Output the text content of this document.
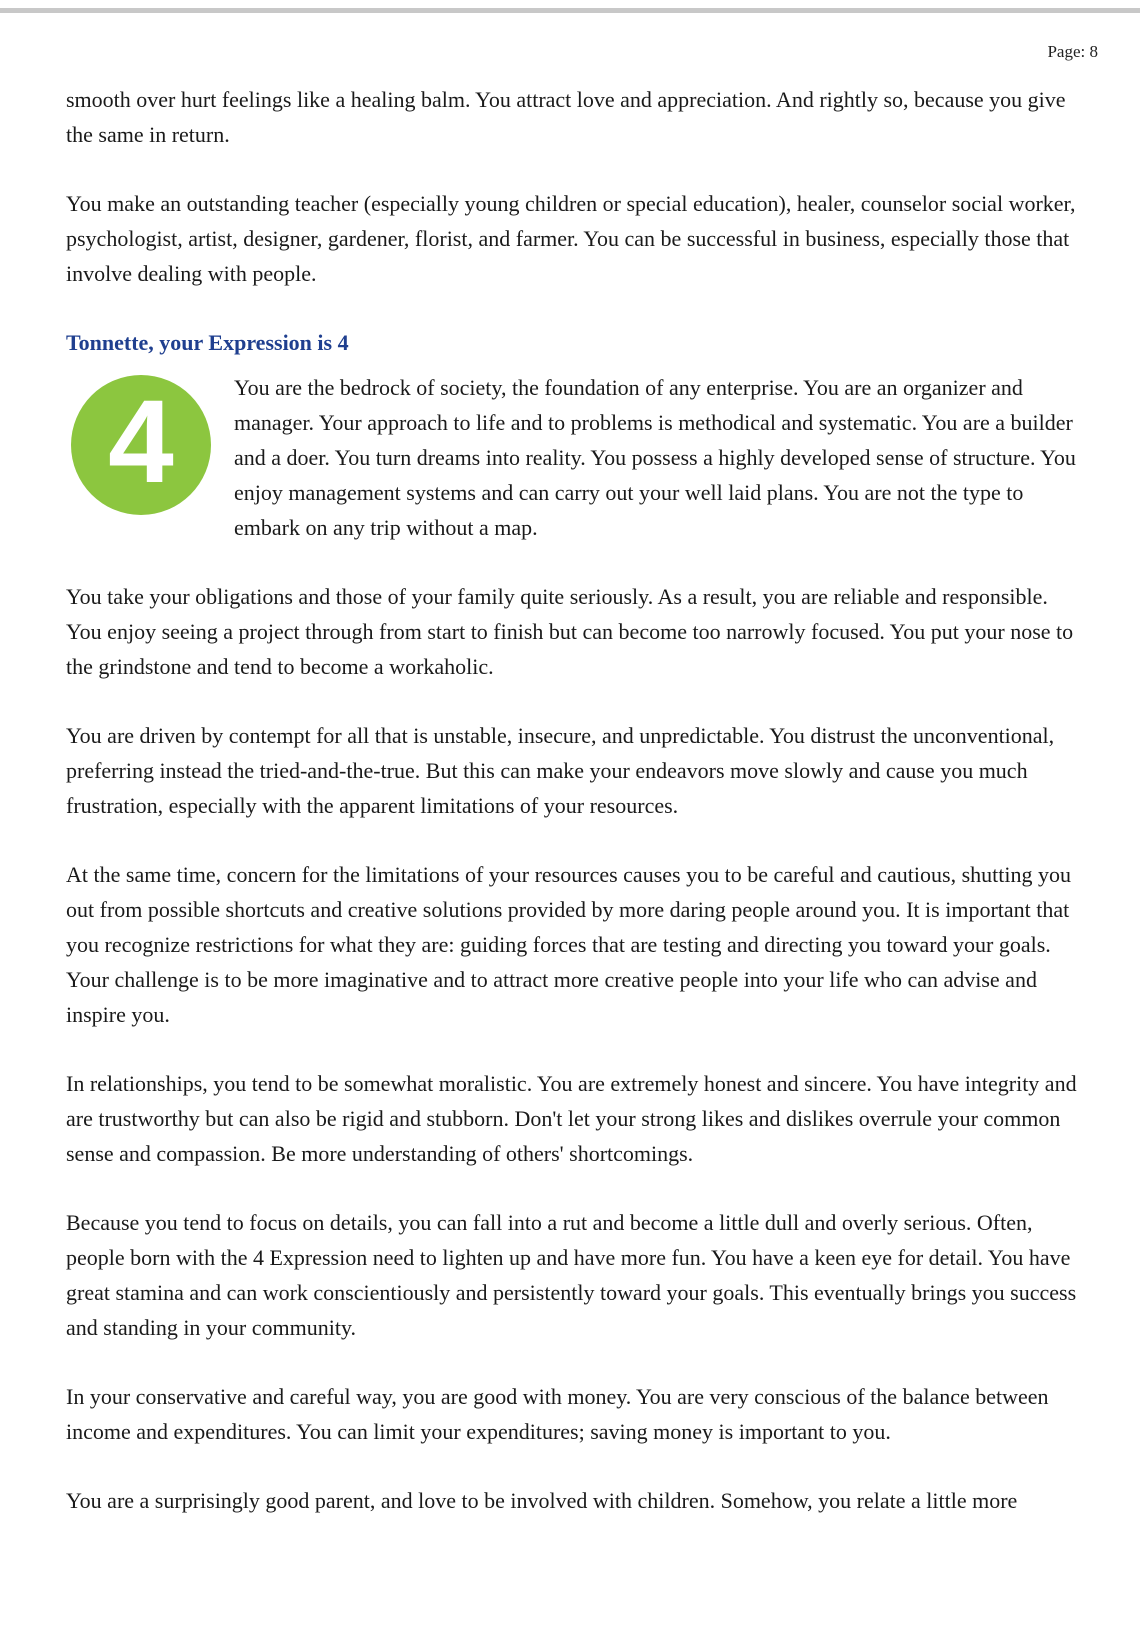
Page: 8

smooth over hurt feelings like a healing balm. You attract love and appreciation. And rightly so, because you give the same in return.

You make an outstanding teacher (especially young children or special education), healer, counselor social worker, psychologist, artist, designer, gardener, florist, and farmer. You can be successful in business, especially those that involve dealing with people.

Tonnette, your Expression is 4
4	You are the bedrock of society, the foundation of any enterprise. You are an organizer and manager. Your approach to life and to problems is methodical and systematic. You are a builder and a doer. You turn dreams into reality. You possess a highly developed sense of structure. You enjoy management systems and can carry out your well laid plans. You are not the type to embark on any trip without a map.

You take your obligations and those of your family quite seriously. As a result, you are reliable and responsible. You enjoy seeing a project through from start to finish but can become too narrowly focused. You put your nose to the grindstone and tend to become a workaholic.

You are driven by contempt for all that is unstable, insecure, and unpredictable. You distrust the unconventional, preferring instead the tried-and-the-true. But this can make your endeavors move slowly and cause you much frustration, especially with the apparent limitations of your resources.

At the same time, concern for the limitations of your resources causes you to be careful and cautious, shutting you out from possible shortcuts and creative solutions provided by more daring people around you. It is important that you recognize restrictions for what they are: guiding forces that are testing and directing you toward your goals. Your challenge is to be more imaginative and to attract more creative people into your life who can advise and inspire you.

In relationships, you tend to be somewhat moralistic. You are extremely honest and sincere. You have integrity and are trustworthy but can also be rigid and stubborn. Don't let your strong likes and dislikes overrule your common sense and compassion. Be more understanding of others' shortcomings.

Because you tend to focus on details, you can fall into a rut and become a little dull and overly serious. Often, people born with the 4 Expression need to lighten up and have more fun. You have a keen eye for detail. You have great stamina and can work conscientiously and persistently toward your goals. This eventually brings you success and standing in your community.

In your conservative and careful way, you are good with money. You are very conscious of the balance between income and expenditures. You can limit your expenditures; saving money is important to you.

You are a surprisingly good parent, and love to be involved with children. Somehow, you relate a little more
